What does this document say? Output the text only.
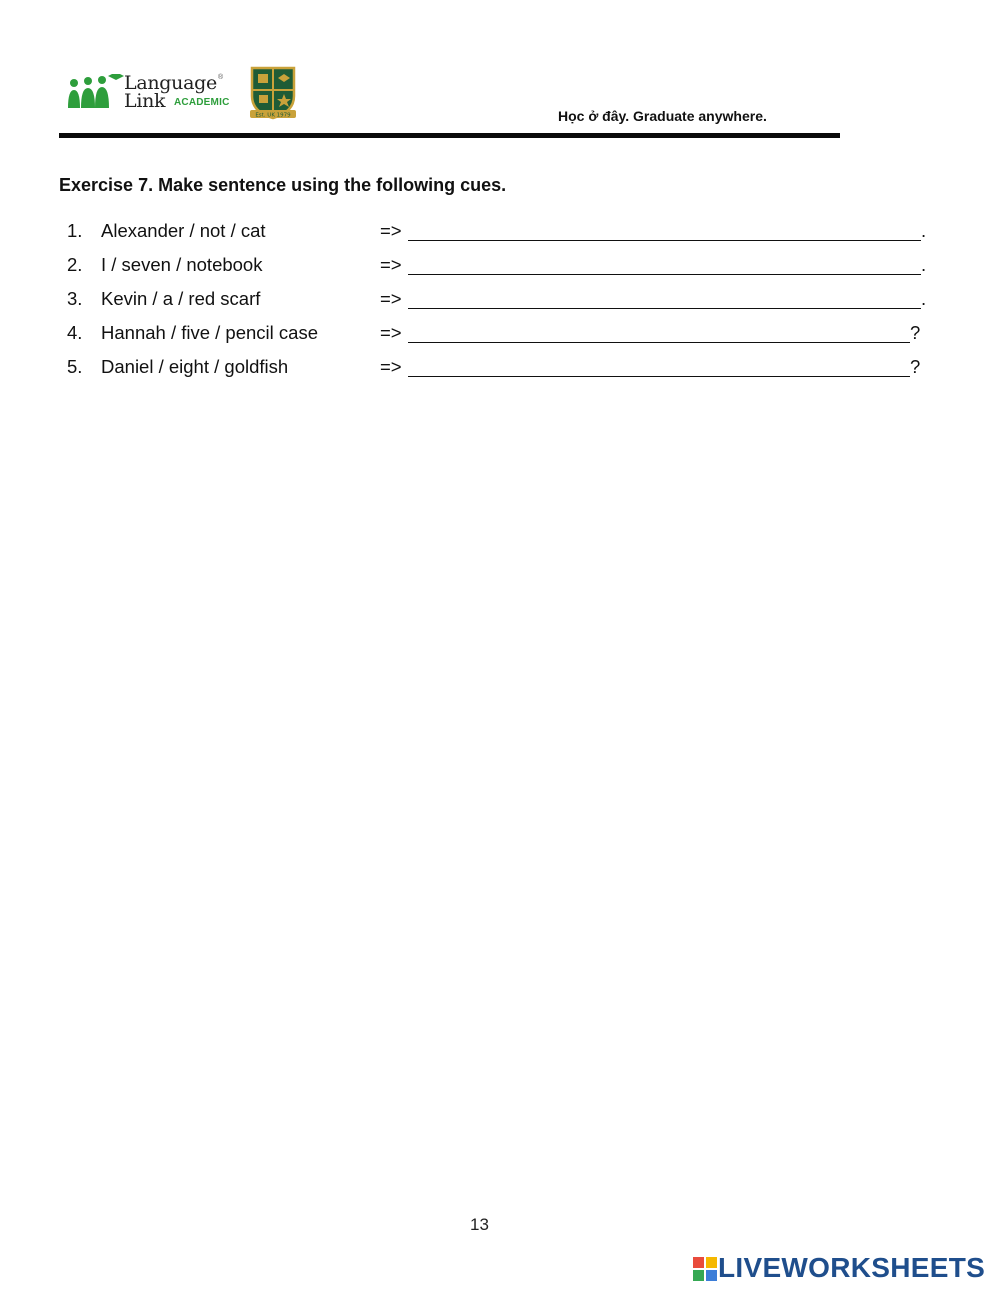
Language ®
Link ACADEMIC
Est. UK 1979	Học ở đây. Graduate anywhere.
Exercise 7. Make sentence using the following cues.
1. Alexander / not / cat	=>	.
2. I / seven / notebook	=>	.
3. Kevin / a / red scarf	=>	.
4. Hannah / five / pencil case	=>	?
5. Daniel / eight / goldfish	=>	?
13
LIVEWORKSHEETS
